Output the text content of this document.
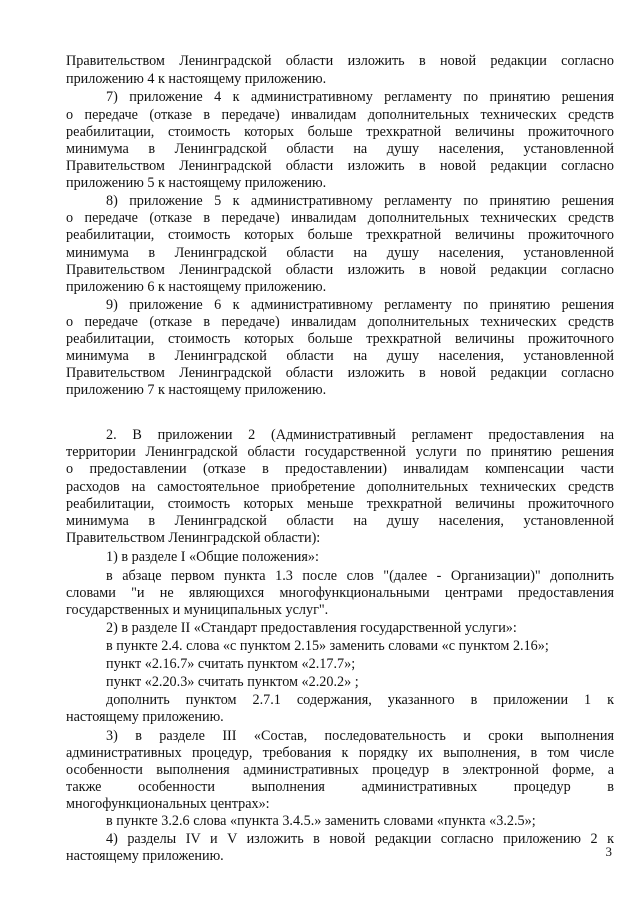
Правительством Ленинградской области изложить в новой редакции согласно
приложению 4 к настоящему приложению.
7) приложение 4 к административному регламенту по принятию решения
о передаче (отказе в передаче) инвалидам дополнительных технических средств
реабилитации, стоимость которых больше трехкратной величины прожиточного
минимума в Ленинградской области на душу населения, установленной
Правительством Ленинградской области изложить в новой редакции согласно
приложению 5 к настоящему приложению.
8) приложение 5 к административному регламенту по принятию решения
о передаче (отказе в передаче) инвалидам дополнительных технических средств
реабилитации, стоимость которых больше трехкратной величины прожиточного
минимума в Ленинградской области на душу населения, установленной
Правительством Ленинградской области изложить в новой редакции согласно
приложению 6 к настоящему приложению.
9) приложение 6 к административному регламенту по принятию решения
о передаче (отказе в передаче) инвалидам дополнительных технических средств
реабилитации, стоимость которых больше трехкратной величины прожиточного
минимума в Ленинградской области на душу населения, установленной
Правительством Ленинградской области изложить в новой редакции согласно
приложению 7 к настоящему приложению.
2. В приложении 2 (Административный регламент предоставления на
территории Ленинградской области государственной услуги по принятию решения
о предоставлении (отказе в предоставлении) инвалидам компенсации части
расходов на самостоятельное приобретение дополнительных технических средств
реабилитации, стоимость которых меньше трехкратной величины прожиточного
минимума в Ленинградской области на душу населения, установленной
Правительством Ленинградской области):
1) в разделе I «Общие положения»:
в абзаце первом пункта 1.3 после слов "(далее - Организации)" дополнить
словами "и не являющихся многофункциональными центрами предоставления
государственных и муниципальных услуг".
2) в разделе II «Стандарт предоставления государственной услуги»:
в пункте 2.4. слова «с пунктом 2.15» заменить словами «с пунктом 2.16»;
пункт «2.16.7» считать пунктом «2.17.7»;
пункт «2.20.3» считать пунктом «2.20.2» ;
дополнить пунктом 2.7.1 содержания, указанного в приложении 1 к
настоящему приложению.
3) в разделе III «Состав, последовательность и сроки выполнения
административных процедур, требования к порядку их выполнения, в том числе
особенности выполнения административных процедур в электронной форме, а
также особенности выполнения административных процедур в
многофункциональных центрах»:
в пункте 3.2.6 слова «пункта 3.4.5.» заменить словами «пункта «3.2.5»;
4) разделы IV и V изложить в новой редакции согласно приложению 2 к
настоящему приложению.	3
